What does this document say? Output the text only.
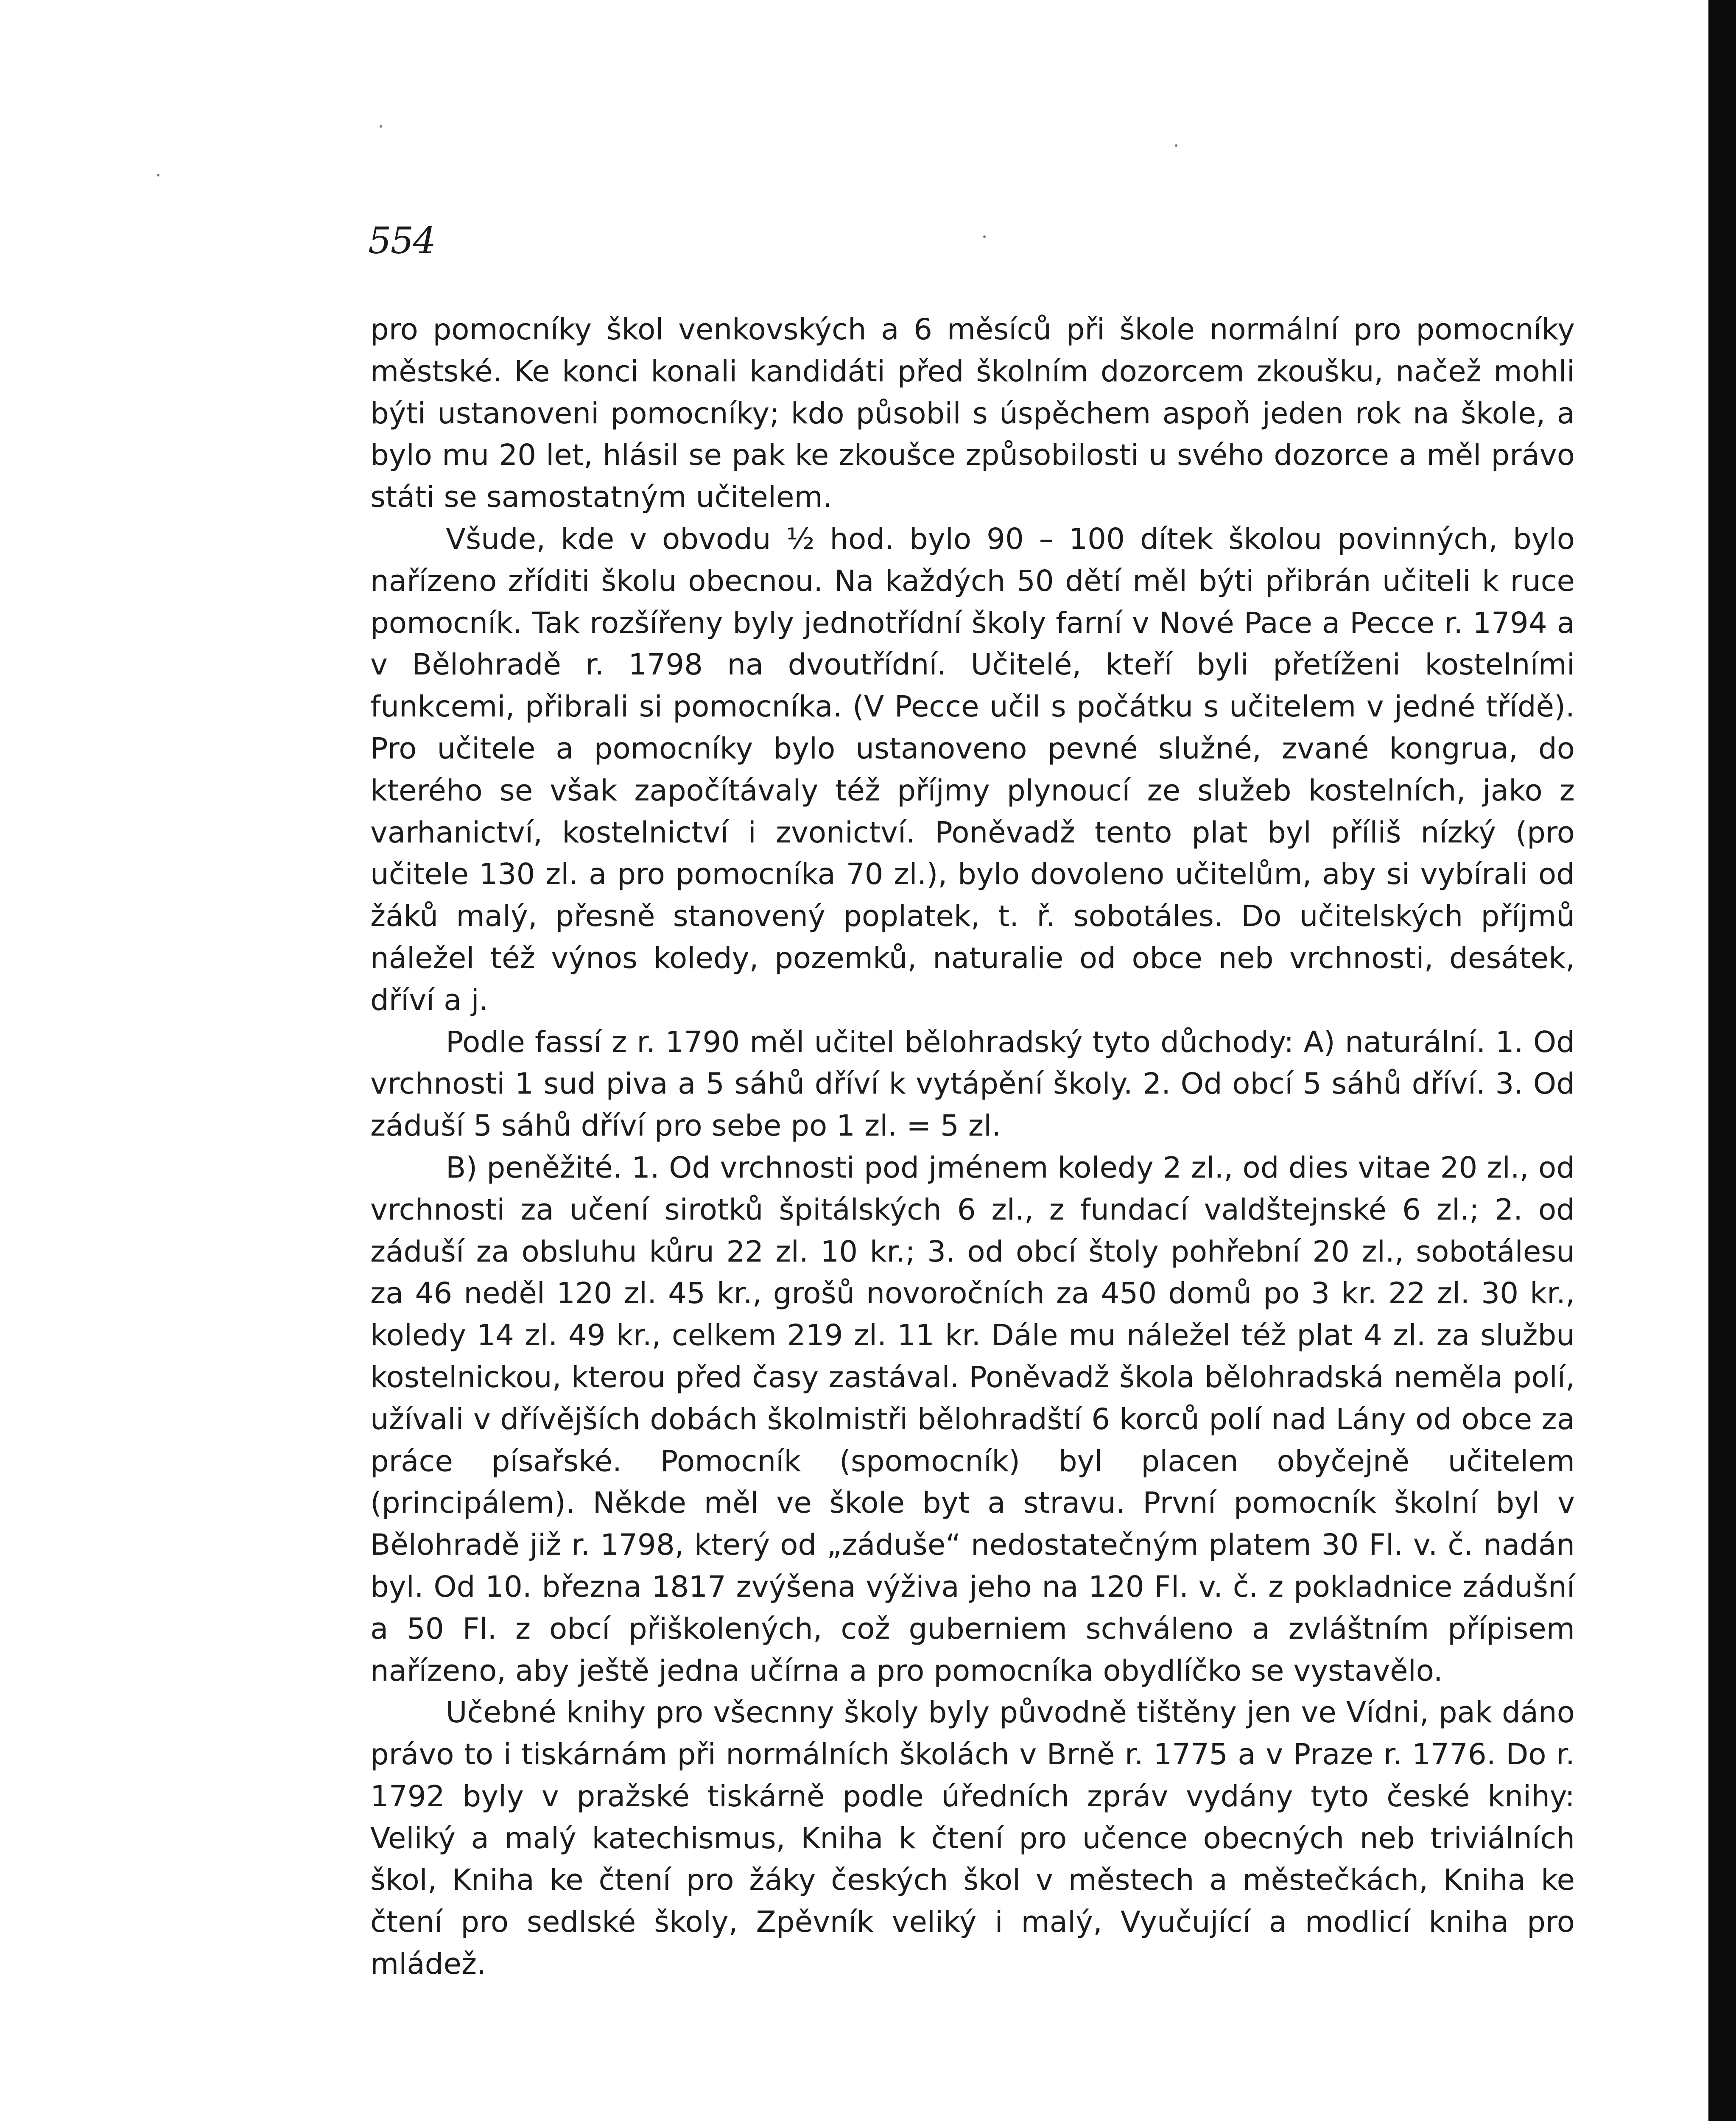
554

pro pomocníky škol venkovských a 6 měsíců při škole normální pro pomocníky městské. Ke konci konali kandidáti před školním dozorcem zkoušku, načež mohli býti ustanoveni pomocníky; kdo působil s úspěchem aspoň jeden rok na škole, a bylo mu 20 let, hlásil se pak ke zkoušce způsobilosti u svého dozorce a měl právo státi se samostatným učitelem.

Všude, kde v obvodu ½ hod. bylo 90 – 100 dítek školou povinných, bylo nařízeno zříditi školu obecnou. Na každých 50 dětí měl býti přibrán učiteli k ruce pomocník. Tak rozšířeny byly jednotřídní školy farní v Nové Pace a Pecce r. 1794 a v Bělohradě r. 1798 na dvoutřídní. Učitelé, kteří byli přetíženi kostelními funkcemi, přibrali si pomocníka. (V Pecce učil s počátku s učitelem v jedné třídě). Pro učitele a pomocníky bylo ustanoveno pevné služné, zvané kongrua, do kterého se však započítávaly též příjmy plynoucí ze služeb kostelních, jako z varhanictví, kostelnictví i zvonictví. Poněvadž tento plat byl příliš nízký (pro učitele 130 zl. a pro pomocníka 70 zl.), bylo dovoleno učitelům, aby si vybírali od žáků malý, přesně stanovený poplatek, t. ř. sobotáles. Do učitelských příjmů náležel též výnos koledy, pozemků, naturalie od obce neb vrchnosti, desátek, dříví a j.

Podle fassí z r. 1790 měl učitel bělohradský tyto důchody: A) naturální. 1. Od vrchnosti 1 sud piva a 5 sáhů dříví k vytápění školy. 2. Od obcí 5 sáhů dříví. 3. Od záduší 5 sáhů dříví pro sebe po 1 zl. = 5 zl.

B) peněžité. 1. Od vrchnosti pod jménem koledy 2 zl., od dies vitae 20 zl., od vrchnosti za učení sirotků špitálských 6 zl., z fundací valdštejnské 6 zl.; 2. od záduší za obsluhu kůru 22 zl. 10 kr.; 3. od obcí štoly pohřební 20 zl., sobotálesu za 46 neděl 120 zl. 45 kr., grošů novoročních za 450 domů po 3 kr. 22 zl. 30 kr., koledy 14 zl. 49 kr., celkem 219 zl. 11 kr. Dále mu náležel též plat 4 zl. za službu kostelnickou, kterou před časy zastával. Poněvadž škola bělohradská neměla polí, užívali v dřívějších dobách školmistři bělohradští 6 korců polí nad Lány od obce za práce písařské. Pomocník (spomocník) byl placen obyčejně učitelem (principálem). Někde měl ve škole byt a stravu. První pomocník školní byl v Bělohradě již r. 1798, který od „záduše“ nedostatečným platem 30 Fl. v. č. nadán byl. Od 10. března 1817 zvýšena výživa jeho na 120 Fl. v. č. z pokladnice zádušní a 50 Fl. z obcí přiškolených, což guberniem schváleno a zvláštním přípisem nařízeno, aby ještě jedna učírna a pro pomocníka obydlíčko se vystavělo.

Učebné knihy pro všecnny školy byly původně tištěny jen ve Vídni, pak dáno právo to i tiskárnám při normálních školách v Brně r. 1775 a v Praze r. 1776. Do r. 1792 byly v pražské tiskárně podle úředních zpráv vydány tyto české knihy: Veliký a malý katechismus, Kniha k čtení pro učence obecných neb triviálních škol, Kniha ke čtení pro žáky českých škol v městech a městečkách, Kniha ke čtení pro sedlské školy, Zpěvník veliký i malý, Vyučující a modlicí kniha pro mládež.
